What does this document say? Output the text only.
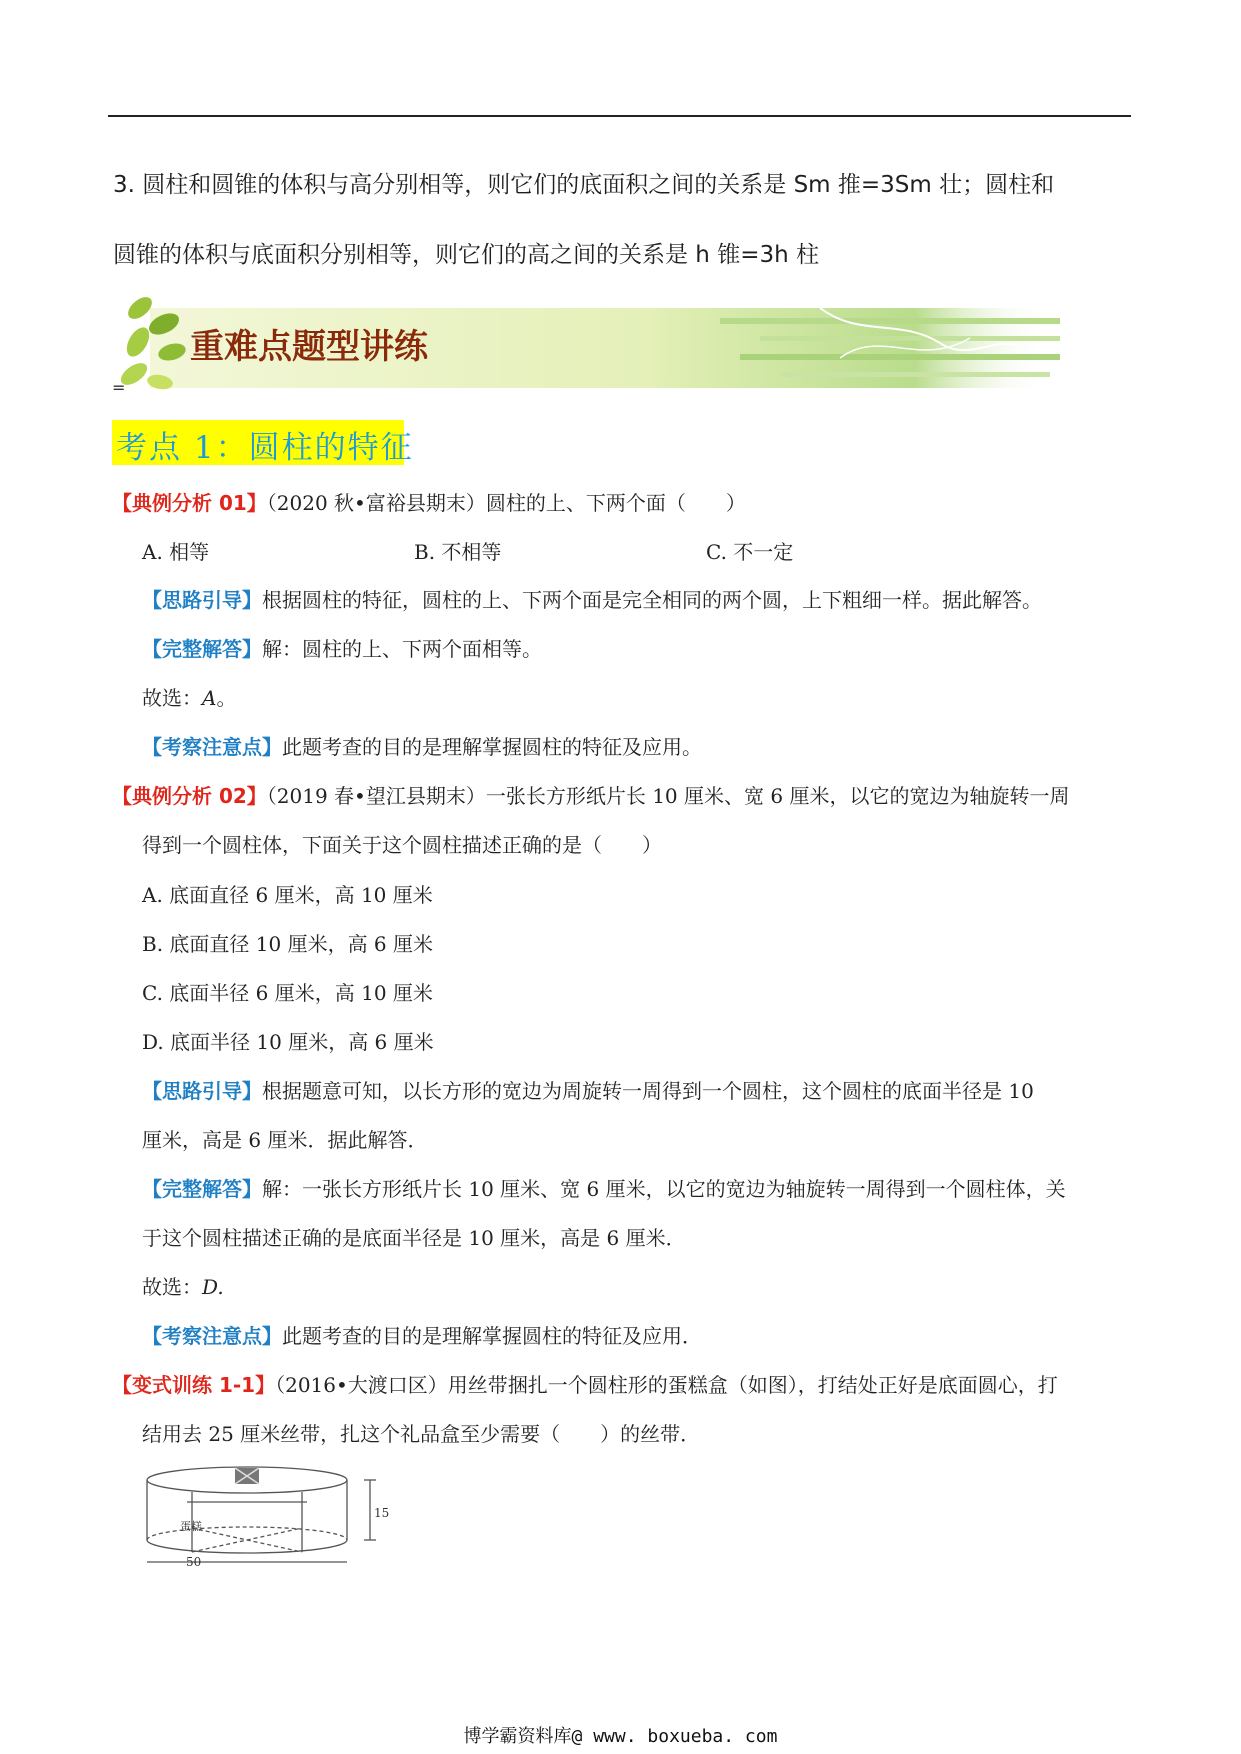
3. 圆柱和圆锥的体积与高分别相等，则它们的底面积之间的关系是 Sm 推=3Sm 壮；圆柱和
圆锥的体积与底面积分别相等，则它们的高之间的关系是 h 锥=3h 柱
重难点题型讲练
=
考点 1：圆柱的特征
【典例分析 01】（2020 秋•富裕县期末）圆柱的上、下两个面（　　）
A. 相等	B. 不相等	C. 不一定
【思路引导】根据圆柱的特征，圆柱的上、下两个面是完全相同的两个圆，上下粗细一样。据此解答。
【完整解答】解：圆柱的上、下两个面相等。
故选：A。
【考察注意点】此题考查的目的是理解掌握圆柱的特征及应用。
【典例分析 02】（2019 春•望江县期末）一张长方形纸片长 10 厘米、宽 6 厘米，以它的宽边为轴旋转一周
得到一个圆柱体，下面关于这个圆柱描述正确的是（　　）
A. 底面直径 6 厘米，高 10 厘米
B. 底面直径 10 厘米，高 6 厘米
C. 底面半径 6 厘米，高 10 厘米
D. 底面半径 10 厘米，高 6 厘米
【思路引导】根据题意可知，以长方形的宽边为周旋转一周得到一个圆柱，这个圆柱的底面半径是 10
厘米，高是 6 厘米．据此解答．
【完整解答】解：一张长方形纸片长 10 厘米、宽 6 厘米，以它的宽边为轴旋转一周得到一个圆柱体，关
于这个圆柱描述正确的是底面半径是 10 厘米，高是 6 厘米．
故选：D.
【考察注意点】此题考查的目的是理解掌握圆柱的特征及应用．
【变式训练 1-1】（2016•大渡口区）用丝带捆扎一个圆柱形的蛋糕盒（如图），打结处正好是底面圆心，打
结用去 25 厘米丝带，扎这个礼品盒至少需要（　　）的丝带．
15
50
蛋糕
博学霸资料库@ www. boxueba. com
